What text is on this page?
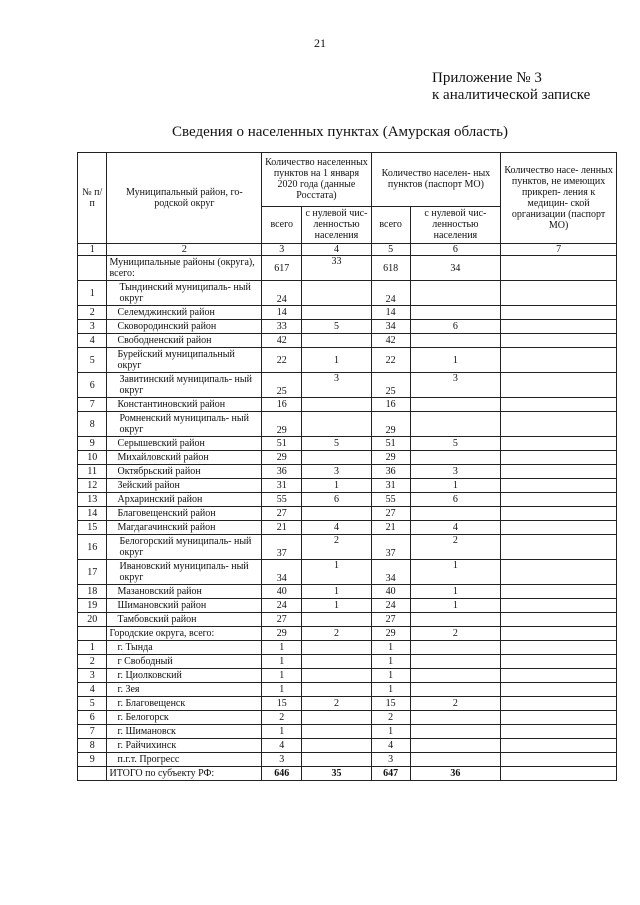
21
Приложение № 3
к аналитической записке
Сведения о населенных пунктах (Амурская область)
№ п/п	Муниципальный район, го- родской округ	Количество населенных пунктов на 1 января 2020 года (данные Росстата)		Количество населен- ных пунктов (паспорт МО)		Количество насе- ленных пунктов, не имеющих прикреп- ления к медицин- ской организации (паспорт МО)
		всего	с нулевой чис- ленностью населения	всего	с нулевой чис- ленностью населения	
1	2	3	4	5	6	7
	Муниципальные районы (округа), всего:	617	33	618	34	
1	Тындинский муниципаль- ный округ	24		24		
2	Селемджинский район	14		14		
3	Сковородинский район	33	5	34	6	
4	Свободненский район	42		42		
5	Бурейский муниципальный округ	22	1	22	1	
6	Завитинский муниципаль- ный округ	25	3	25	3	
7	Константиновский район	16		16		
8	Ромненский муниципаль- ный округ	29		29		
9	Серышевский район	51	5	51	5	
10	Михайловский район	29		29		
11	Октябрьский район	36	3	36	3	
12	Зейский район	31	1	31	1	
13	Архаринский район	55	6	55	6	
14	Благовещенский район	27		27		
15	Магдагачинский район	21	4	21	4	
16	Белогорский муниципаль- ный округ	37	2	37	2	
17	Ивановский муниципаль- ный округ	34	1	34	1	
18	Мазановский район	40	1	40	1	
19	Шимановский район	24	1	24	1	
20	Тамбовский район	27		27		
	Городские округа, всего:	29	2	29	2	
1	г. Тында	1		1		
2	г Свободный	1		1		
3	г. Циолковский	1		1		
4	г. Зея	1		1		
5	г. Благовещенск	15	2	15	2	
6	г. Белогорск	2		2		
7	г. Шимановск	1		1		
8	г. Райчихинск	4		4		
9	п.г.т. Прогресс	3		3		
	ИТОГО по субъекту РФ:	646	35	647	36	
